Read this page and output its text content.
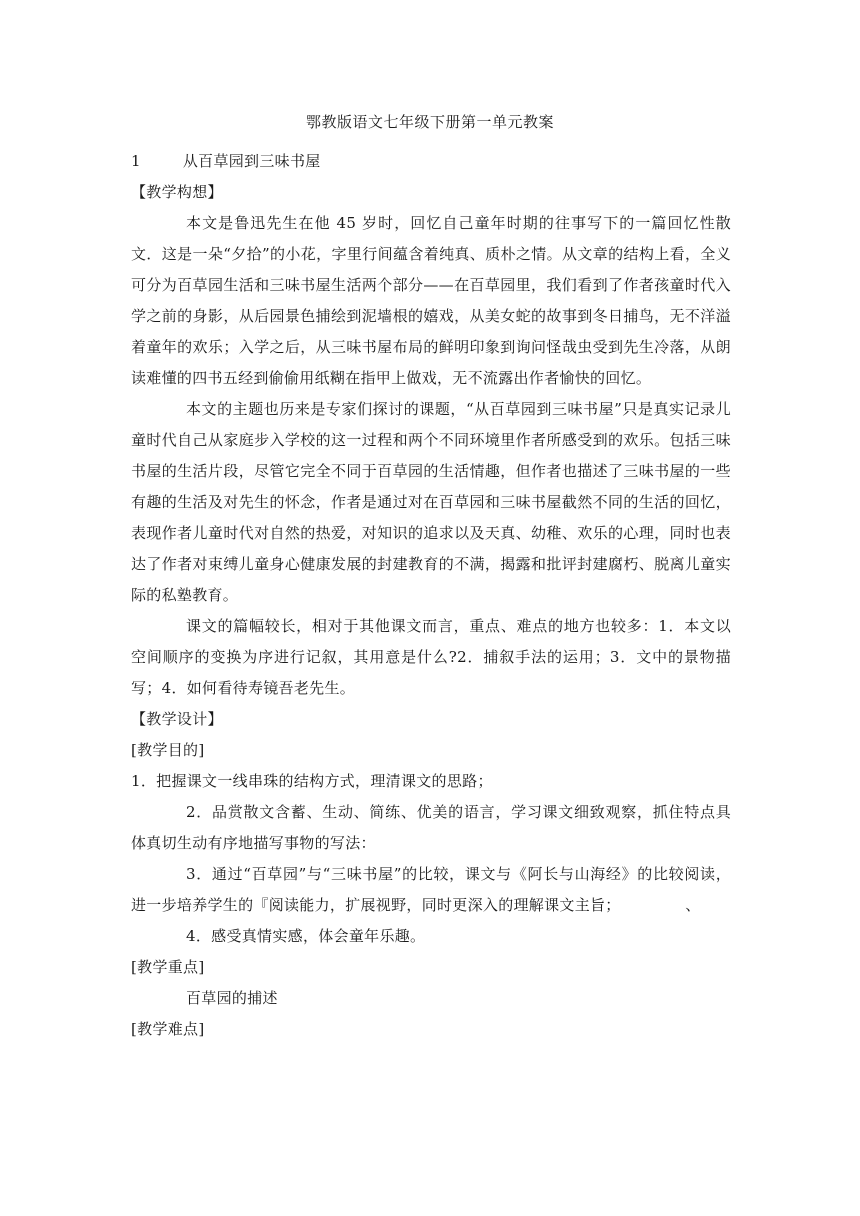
鄂教版语文七年级下册第一单元教案

1	从百草园到三味书屋

【教学构想】

本文是鲁迅先生在他 45 岁时，回忆自己童年时期的往事写下的一篇回忆性散文．这是一朵“夕拾”的小花，字里行间蕴含着纯真、质朴之情。从文章的结构上看，全义可分为百草园生活和三味书屋生活两个部分——在百草园里，我们看到了作者孩童时代入学之前的身影，从后园景色捕绘到泥墙根的嬉戏，从美女蛇的故事到冬日捕鸟，无不洋溢着童年的欢乐；入学之后，从三味书屋布局的鲜明印象到询问怪哉虫受到先生冷落，从朗读难懂的四书五经到偷偷用纸糊在指甲上做戏，无不流露出作者愉快的回忆。

本文的主题也历来是专家们探讨的课题，“从百草园到三味书屋”只是真实记录儿童时代自己从家庭步入学校的这一过程和两个不同环境里作者所感受到的欢乐。包括三味书屋的生活片段，尽管它完全不同于百草园的生活情趣，但作者也描述了三味书屋的一些有趣的生活及对先生的怀念，作者是通过对在百草园和三味书屋截然不同的生活的回忆，表现作者儿童时代对自然的热爱，对知识的追求以及天真、幼稚、欢乐的心理，同时也表达了作者对束缚儿童身心健康发展的封建教育的不满，揭露和批评封建腐朽、脱离儿童实际的私塾教育。

课文的篇幅较长，相对于其他课文而言，重点、难点的地方也较多：1．本文以空间顺序的变换为序进行记叙，其用意是什么?2．捕叙手法的运用；3．文中的景物描写；4．如何看待寿镜吾老先生。

【教学设计】

[教学目的]

1．把握课文一线串珠的结构方式，理清课文的思路；

2．品赏散文含蓄、生动、简练、优美的语言，学习课文细致观察，抓住特点具体真切生动有序地描写事物的写法：

3．通过“百草园”与“三味书屋”的比较，课文与《阿长与山海经》的比较阅读，进一步培养学生的『阅读能力，扩展视野，同时更深入的理解课文主旨；	、

4．感受真情实感，体会童年乐趣。

[教学重点]

百草园的捕述

[教学难点]
